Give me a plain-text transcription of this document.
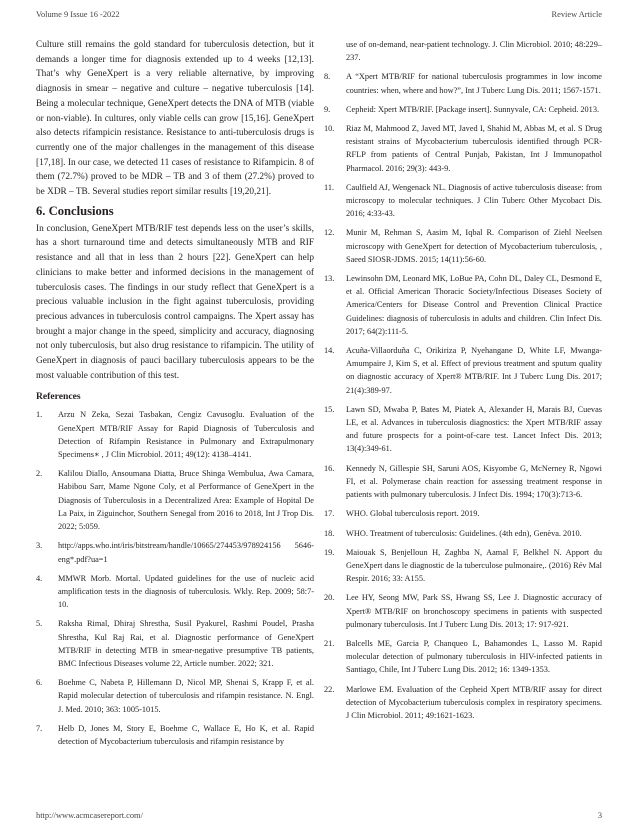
Volume 9 Issue 16 -2022	Review Article

Culture still remains the gold standard for tuberculosis detection, but it demands a longer time for diagnosis extended up to 4 weeks [12,13]. That’s why GeneXpert is a very reliable alternative, by improving diagnosis in smear – negative and culture – negative tuberculosis [14]. Being a molecular technique, GeneXpert detects the DNA of MTB (viable or non-viable). In cultures, only viable cells can grow [15,16]. GeneXpert also detects rifampicin resistance. Resistance to anti-tuberculosis drugs is currently one of the major challenges in the management of this disease [17,18]. In our case, we detected 11 cases of resistance to Rifampicin. 8 of them (72.7%) proved to be MDR – TB and 3 of them (27.2%) proved to be XDR – TB. Several studies report similar results [19,20,21].

6. Conclusions

In conclusion, GeneXpert MTB/RIF test depends less on the user’s skills, has a short turnaround time and detects simultaneously MTB and RIF resistance and all that in less than 2 hours [22]. GeneXpert can help clinicians to make better and informed decisions in the management of tuberculosis cases. The findings in our study reflect that GeneXpert is a precious valuable inclusion in the fight against tuberculosis, providing precious advances in tuberculosis control campaigns. The Xpert assay has brought a major change in the speed, simplicity and accuracy, diagnosing not only tuberculosis, but also drug resistance to rifampicin. The utility of GeneXpert in diagnosis of pauci bacillary tuberculosis appears to be the most valuable contribution of this test.

References
1.	Arzu N Zeka, Sezai Tasbakan, Cengiz Cavusoglu. Evaluation of the GeneXpert MTB/RIF Assay for Rapid Diagnosis of Tuberculosis and Detection of Rifampin Resistance in Pulmonary and Extrapulmonary Specimens∗ , J Clin Microbiol. 2011; 49(12): 4138–4141.
2.	Kalilou Diallo, Ansoumana Diatta, Bruce Shinga Wembulua, Awa Camara, Habibou Sarr, Mame Ngone Coly, et al Performance of GeneXpert in the Diagnosis of Tuberculosis in a Decentralized Area: Example of Hopital De La Paix, in Ziguinchor, Southern Senegal from 2016 to 2018, Int J Trop Dis. 2022; 5:059.
3.	http://apps.who.int/iris/bitstream/handle/10665/274453/978924156 5646-eng*.pdf?ua=1
4.	MMWR Morb. Mortal. Updated guidelines for the use of nucleic acid amplification tests in the diagnosis of tuberculosis. Wkly. Rep. 2009; 58:7-10.
5.	Raksha Rimal, Dhiraj Shrestha, Susil Pyakurel, Rashmi Poudel, Prasha Shrestha, Kul Raj Rai, et al. Diagnostic performance of GeneXpert MTB/RIF in detecting MTB in smear-negative presumptive TB patients, BMC Infectious Diseases volume 22, Article number. 2022; 321.
6.	Boehme C, Nabeta P, Hillemann D, Nicol MP, Shenai S, Krapp F, et al. Rapid molecular detection of tuberculosis and rifampin resistance. N. Engl. J. Med. 2010; 363: 1005-1015.
7.	Helb D, Jones M, Story E, Boehme C, Wallace E, Ho K, et al. Rapid detection of Mycobacterium tuberculosis and rifampin resistance by
use of on-demand, near-patient technology. J. Clin Microbiol. 2010; 48:229–237.
8.	A “Xpert MTB/RIF for national tuberculosis programmes in low income countries: when, where and how?”, Int J Tuberc Lung Dis. 2011; 1567-1571.
9.	Cepheid: Xpert MTB/RIF. [Package insert]. Sunnyvale, CA: Cepheid. 2013.
10.	Riaz M, Mahmood Z, Javed MT, Javed I, Shahid M, Abbas M, et al. S Drug resistant strains of Mycobacterium tuberculosis identified through PCR-RFLP from patients of Central Punjab, Pakistan, Int J Immunopathol Pharmacol. 2016; 29(3): 443-9.
11.	Caulfield AJ, Wengenack NL. Diagnosis of active tuberculosis disease: from microscopy to molecular techniques. J Clin Tuberc Other Mycobact Dis. 2016; 4:33-43.
12.	Munir M, Rehman S, Aasim M, Iqbal R. Comparison of Ziehl Neelsen microscopy with GeneXpert for detection of Mycobacterium tuberculosis, , Saeed SIOSR-JDMS. 2015; 14(11):56-60.
13.	Lewinsohn DM, Leonard MK, LoBue PA, Cohn DL, Daley CL, Desmond E, et al. Official American Thoracic Society/Infectious Diseases Society of America/Centers for Disease Control and Prevention Clinical Practice Guidelines: diagnosis of tuberculosis in adults and children. Clin Infect Dis. 2017; 64(2):111-5.
14.	Acuña-Villaorduña C, Orikiriza P, Nyehangane D, White LF, Mwanga-Amumpaire J, Kim S, et al. Effect of previous treatment and sputum quality on diagnostic accuracy of Xpert® MTB/RIF. Int J Tuberc Lung Dis. 2017; 21(4):389-97.
15.	Lawn SD, Mwaba P, Bates M, Piatek A, Alexander H, Marais BJ, Cuevas LE, et al. Advances in tuberculosis diagnostics: the Xpert MTB/RIF assay and future prospects for a point-of-care test. Lancet Infect Dis. 2013; 13(4):349-61.
16.	Kennedy N, Gillespie SH, Saruni AOS, Kisyombe G, McNerney R, Ngowi FI, et al. Polymerase chain reaction for assessing treatment response in patients with pulmonary tuberculosis. J Infect Dis. 1994; 170(3):713-6.
17.	WHO. Global tuberculosis report. 2019.
18.	WHO. Treatment of tuberculosis: Guidelines. (4th edn), Genèva. 2010.
19.	Maiouak S, Benjelloun H, Zaghba N, Aamal F, Belkhel N. Apport du GeneXpert dans le diagnostic de la tuberculose pulmonaire,. (2016) Rév Mal Respir. 2016; 33: A155.
20.	Lee HY, Seong MW, Park SS, Hwang SS, Lee J. Diagnostic accuracy of Xpert® MTB/RIF on bronchoscopy specimens in patients with suspected pulmonary tuberculosis. Int J Tuberc Lung Dis. 2013; 17: 917-921.
21.	Balcells ME, Garcia P, Chanqueo L, Bahamondes L, Lasso M. Rapid molecular detection of pulmonary tuberculosis in HIV-infected patients in Santiago, Chile, Int J Tuberc Lung Dis. 2012; 16: 1349-1353.
22.	Marlowe EM. Evaluation of the Cepheid Xpert MTB/RIF assay for direct detection of Mycobacterium tuberculosis complex in respiratory specimens. J Clin Microbiol. 2011; 49:1621-1623.
http://www.acmcasereport.com/	3
